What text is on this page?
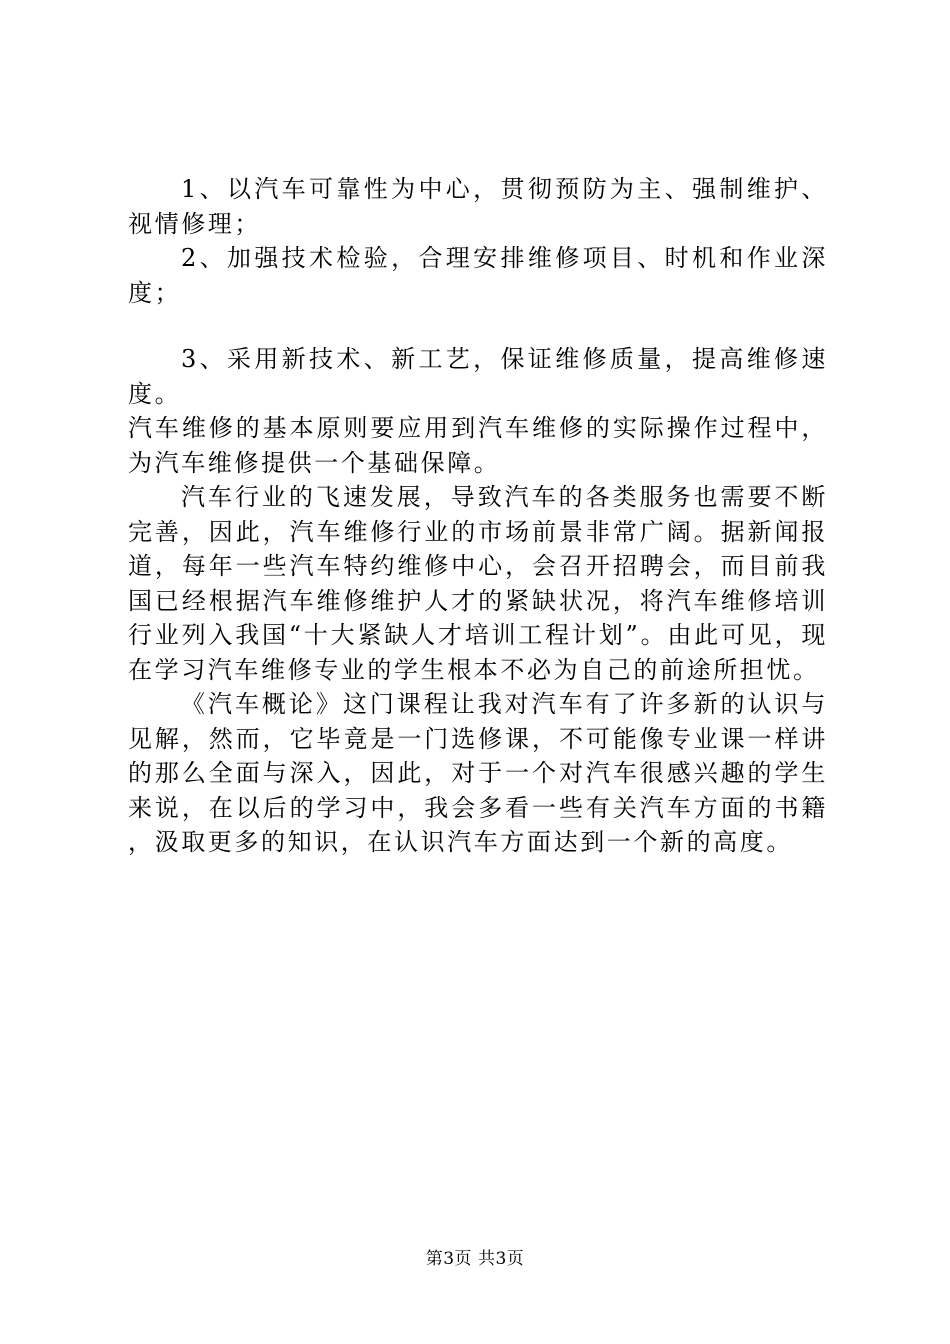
1、以汽车可靠性为中心，贯彻预防为主、强制维护、视情修理；

2、加强技术检验，合理安排维修项目、时机和作业深度；

3、采用新技术、新工艺，保证维修质量，提高维修速度。

汽车维修的基本原则要应用到汽车维修的实际操作过程中，为汽车维修提供一个基础保障。

汽车行业的飞速发展，导致汽车的各类服务也需要不断完善，因此，汽车维修行业的市场前景非常广阔。据新闻报道，每年一些汽车特约维修中心，会召开招聘会，而目前我国已经根据汽车维修维护人才的紧缺状况，将汽车维修培训行业列入我国“十大紧缺人才培训工程计划”。由此可见，现在学习汽车维修专业的学生根本不必为自己的前途所担忧。

《汽车概论》这门课程让我对汽车有了许多新的认识与见解，然而，它毕竟是一门选修课，不可能像专业课一样讲的那么全面与深入，因此，对于一个对汽车很感兴趣的学生来说，在以后的学习中，我会多看一些有关汽车方面的书籍，汲取更多的知识，在认识汽车方面达到一个新的高度。

第3页 共3页
